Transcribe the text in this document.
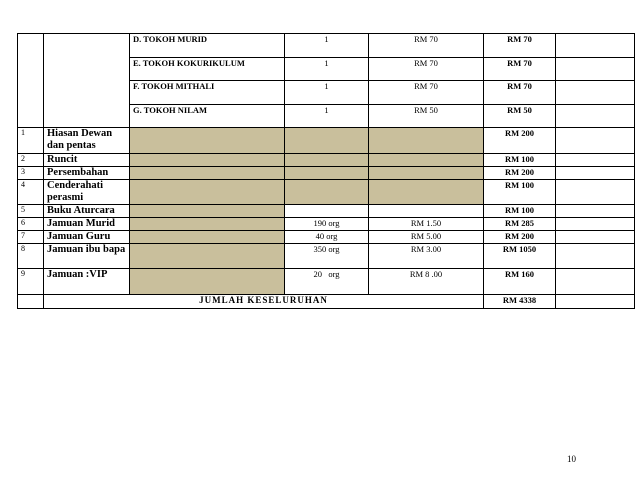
		D. TOKOH MURID	1	RM 70	RM 70	
		E. TOKOH KOKURIKULUM	1	RM 70	RM 70	
		F. TOKOH MITHALI	1	RM 70	RM 70	
		G. TOKOH NILAM	1	RM 50	RM 50	
1	Hiasan Dewan dan pentas				RM 200	
2	Runcit				RM 100	
3	Persembahan				RM 200	
4	Cenderahati perasmi				RM 100	
5	Buku Aturcara				RM 100	
6	Jamuan Murid		190 org	RM 1.50	RM 285	
7	Jamuan Guru		40 org	RM 5.00	RM 200	
8	Jamuan ibu bapa		350 org	RM 3.00	RM 1050	
9	Jamuan :VIP		20   org	RM 8 .00	RM 160	
	JUMLAH KESELURUHAN				RM 4338	
10
